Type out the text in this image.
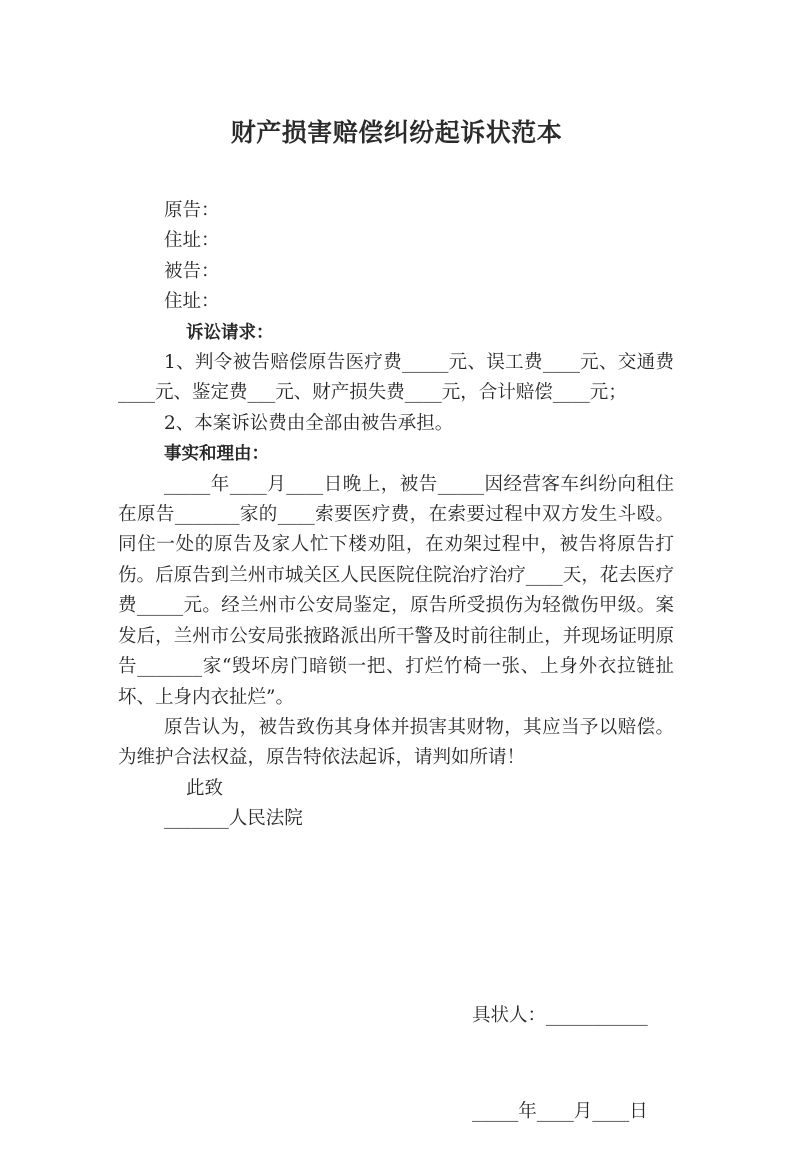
财产损害赔偿纠纷起诉状范本
原告：
住址：
被告：
住址：
诉讼请求：
1、判令被告赔偿原告医疗费_____元、误工费____元、交通费____元、鉴定费___元、财产损失费____元，合计赔偿____元；
2、本案诉讼费由全部由被告承担。
事实和理由：
_____年____月____日晚上，被告_____因经营客车纠纷向租住在原告_______家的____索要医疗费，在索要过程中双方发生斗殴。同住一处的原告及家人忙下楼劝阻，在劝架过程中，被告将原告打伤。后原告到兰州市城关区人民医院住院治疗治疗____天，花去医疗费_____元。经兰州市公安局鉴定，原告所受损伤为轻微伤甲级。案发后，兰州市公安局张掖路派出所干警及时前往制止，并现场证明原告_______家“毁坏房门暗锁一把、打烂竹椅一张、上身外衣拉链扯坏、上身内衣扯烂”。
原告认为，被告致伤其身体并损害其财物，其应当予以赔偿。为维护合法权益，原告特依法起诉，请判如所请！
此致
_______人民法院

具状人：___________

_____年____月____日
